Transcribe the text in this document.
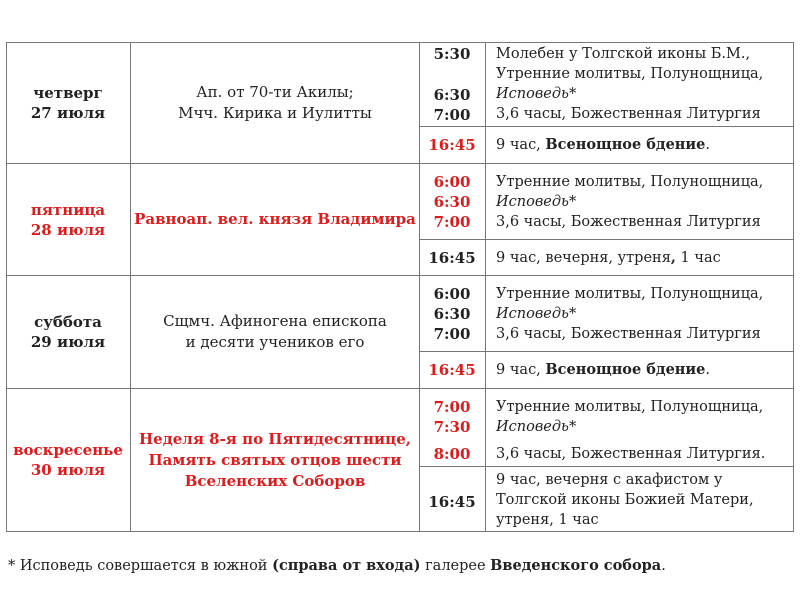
четверг
27 июля
Ап. от 70-ти Акилы;
Мчч. Кирика и Иулитты
5:30
6:30
7:00
16:45
Молебен у Толгской иконы Б.М.,
Утренние молитвы, Полунощница,
Исповедь*
3,6 часы, Божественная Литургия
9 час, Всенощное бдение.
пятница
28 июля
Равноап. вел. князя Владимира
6:00
6:30
7:00
16:45
Утренние молитвы, Полунощница,
Исповедь*
3,6 часы, Божественная Литургия
9 час, вечерня, утреня, 1 час
суббота
29 июля
Сщмч. Афиногена епископа
и десяти учеников его
6:00
6:30
7:00
16:45
Утренние молитвы, Полунощница,
Исповедь*
3,6 часы, Божественная Литургия
9 час, Всенощное бдение.
воскресенье
30 июля
Неделя 8-я по Пятидесятнице,
Память святых отцов шести
Вселенских Соборов
7:00
7:30
8:00
16:45
Утренние молитвы, Полунощница,
Исповедь*
3,6 часы, Божественная Литургия.
9 час, вечерня с акафистом у
Толгской иконы Божией Матери,
утреня, 1 час
* Исповедь совершается в южной (справа от входа) галерее Введенского собора.
